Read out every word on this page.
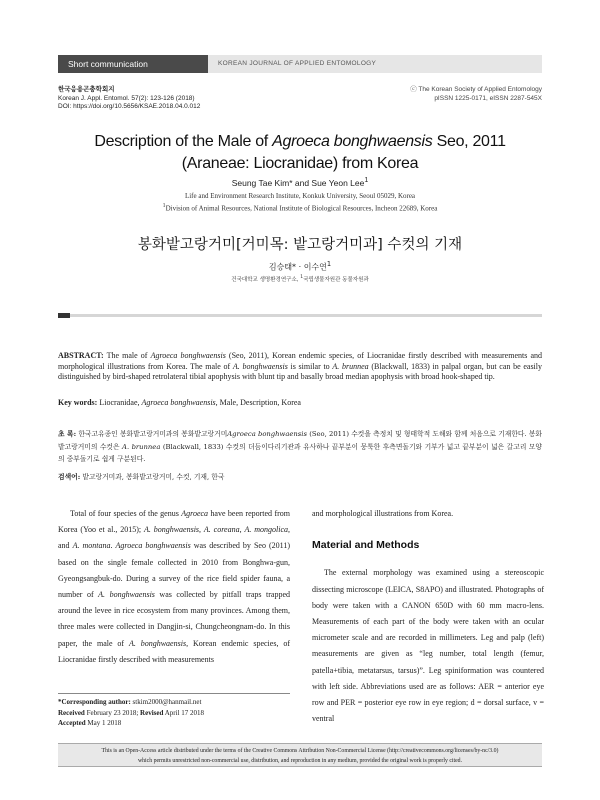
Short communication	KOREAN JOURNAL OF APPLIED ENTOMOLOGY
한국응용곤충학회지
Korean J. Appl. Entomol. 57(2): 123-126 (2018)
DOI: https://doi.org/10.5656/KSAE.2018.04.0.012
ⓒ The Korean Society of Applied Entomology
pISSN 1225-0171, eISSN 2287-545X
Description of the Male of Agroeca bonghwaensis Seo, 2011
(Araneae: Liocranidae) from Korea
Seung Tae Kim* and Sue Yeon Lee$^1$
Life and Environment Research Institute, Konkuk University, Seoul 05029, Korea
$^1$Division of Animal Resources, National Institute of Biological Resources, Incheon 22689, Korea
봉화밭고랑거미[거미목: 밭고랑거미과] 수컷의 기재
김승태* · 이수연$^1$
건국대학교 생명환경연구소, $^1$국립생물자원관 동물자원과
ABSTRACT: The male of Agroeca bonghwaensis (Seo, 2011), Korean endemic species, of Liocranidae firstly described with measurements and morphological illustrations from Korea. The male of A. bonghwaensis is similar to A. brunnea (Blackwall, 1833) in palpal organ, but can be easily distinguished by bird-shaped retrolateral tibial apophysis with blunt tip and basally broad median apophysis with broad hook-shaped tip.
Key words: Liocranidae, Agroeca bonghwaensis, Male, Description, Korea
초 록: 한국고유종인 봉화밭고랑거미과의 봉화밭고랑거미Agroeca bonghwaensis (Seo, 2011) 수컷을 측정치 및 형태학적 도해와 함께 처음으로 기재한다. 봉화밭고랑거미의 수컷은 A. brunnea (Blackwall, 1833) 수컷의 더듬이다리기관과 유사하나 끝부분이 뭉툭한 후측면돌기와 기부가 넓고 끝부분이 넓은 갈고리 모양의 중부돌기로 쉽게 구분된다.
검색어: 밭고랑거미과, 봉화밭고랑거미, 수컷, 기재, 한국

Total of four species of the genus Agroeca have been reported from Korea (Yoo et al., 2015); A. bonghwaensis, A. coreana, A. mongolica, and A. montana. Agroeca bonghwaensis was described by Seo (2011) based on the single female collected in 2010 from Bonghwa-gun, Gyeongsangbuk-do. During a survey of the rice field spider fauna, a number of A. bonghwaensis was collected by pitfall traps trapped around the levee in rice ecosystem from many provinces. Among them, three males were collected in Dangjin-si, Chungcheongnam-do. In this paper, the male of A. bonghwaensis, Korean endemic species, of Liocranidae firstly described with measurements

and morphological illustrations from Korea.

Material and Methods

The external morphology was examined using a stereoscopic dissecting microscope (LEICA, S8APO) and illustrated. Photographs of body were taken with a CANON 650D with 60 mm macro-lens. Measurements of each part of the body were taken with an ocular micrometer scale and are recorded in millimeters. Leg and palp (left) measurements are given as “leg number, total length (femur, patella+tibia, metatarsus, tarsus)”. Leg spiniformation was countered with left side. Abbreviations used are as follows: AER = anterior eye row and PER = posterior eye row in eye region; d = dorsal surface, v = ventral

*Corresponding author: stkim2000@hanmail.net
Received February 23 2018; Revised April 17 2018
Accepted May 1 2018
This is an Open-Access article distributed under the terms of the Creative Commons Attribution Non-Commercial License (http://creativecommons.org/licenses/by-nc/3.0)
which permits unrestricted non-commercial use, distribution, and reproduction in any medium, provided the original work is properly cited.
